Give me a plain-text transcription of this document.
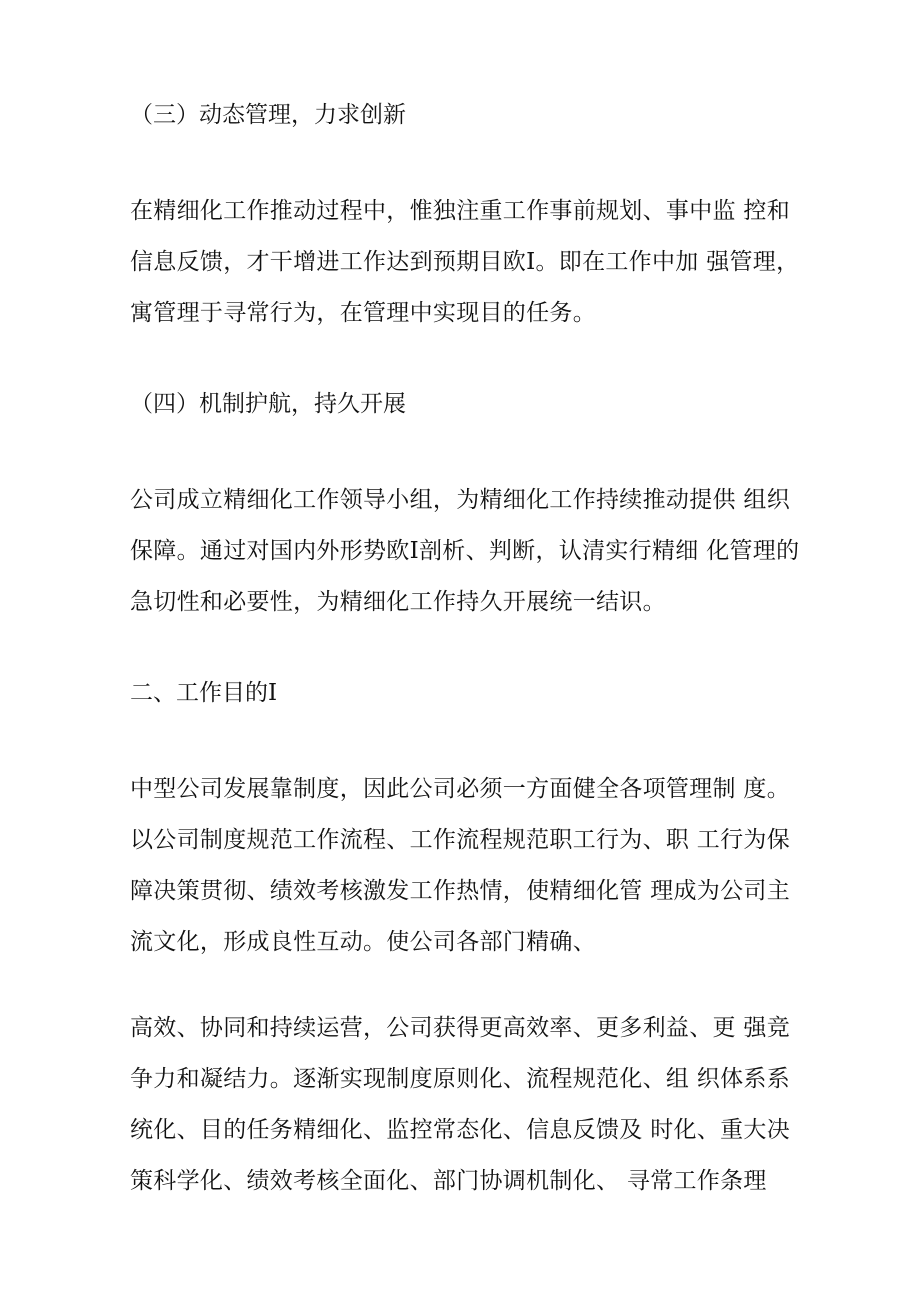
（三）动态管理，力求创新
在精细化工作推动过程中，惟独注重工作事前规划、事中监 控和
信息反馈，才干增进工作达到预期目欧I。即在工作中加 强管理，
寓管理于寻常行为，在管理中实现目的任务。
（四）机制护航，持久开展
公司成立精细化工作领导小组，为精细化工作持续推动提供 组织
保障。通过对国内外形势欧I剖析、判断，认清实行精细 化管理的
急切性和必要性，为精细化工作持久开展统一结识。
二、工作目的I
中型公司发展靠制度，因此公司必须一方面健全各项管理制 度。
以公司制度规范工作流程、工作流程规范职工行为、职 工行为保
障决策贯彻、绩效考核激发工作热情，使精细化管 理成为公司主
流文化，形成良性互动。使公司各部门精确、
高效、协同和持续运营，公司获得更高效率、更多利益、更 强竞
争力和凝结力。逐渐实现制度原则化、流程规范化、组 织体系系
统化、目的任务精细化、监控常态化、信息反馈及 时化、重大决
策科学化、绩效考核全面化、部门协调机制化、 寻常工作条理
